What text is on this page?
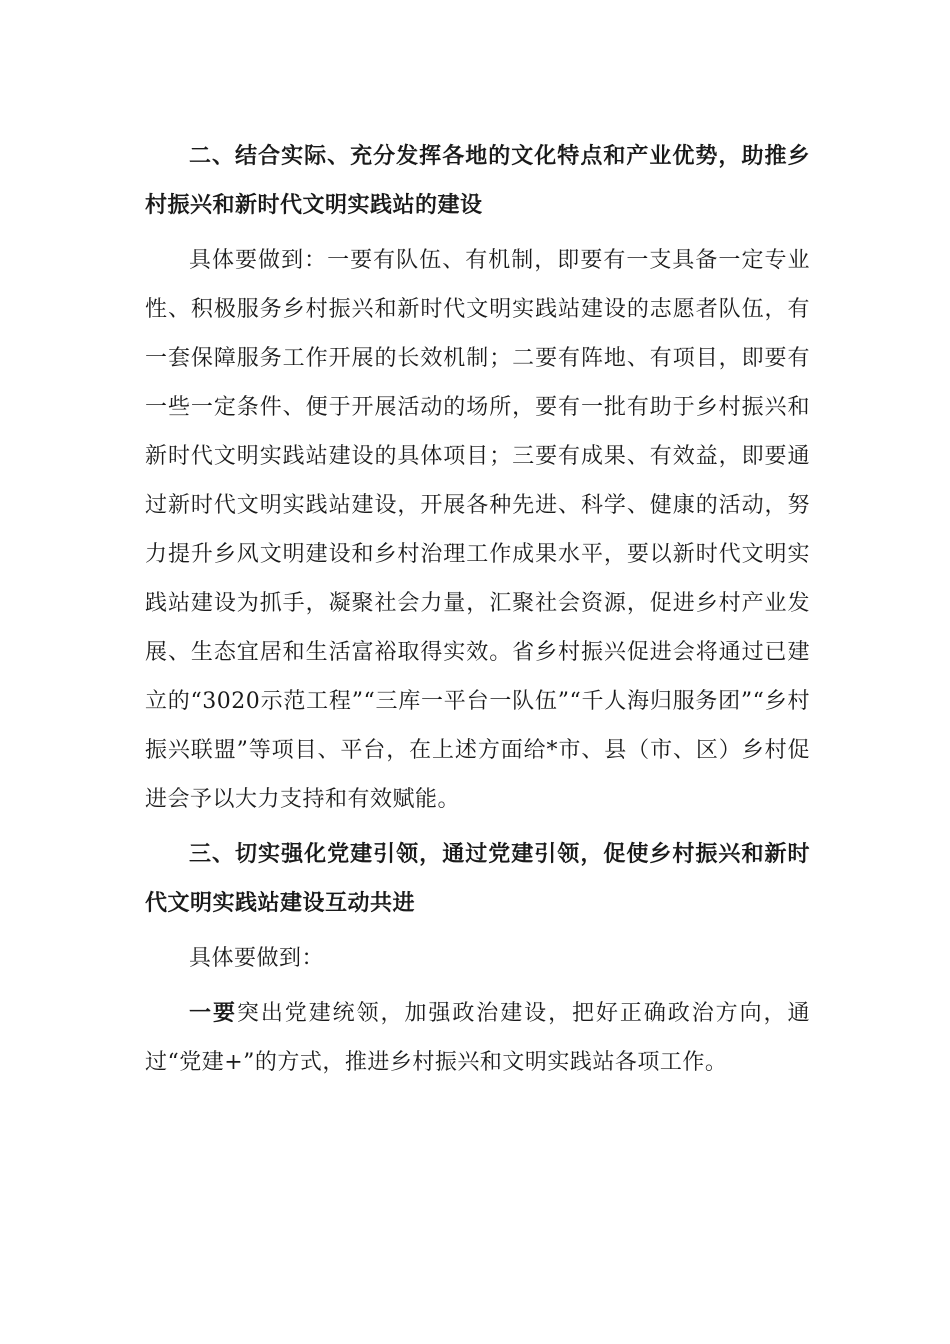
二、结合实际、充分发挥各地的文化特点和产业优势，助推乡村振兴和新时代文明实践站的建设

具体要做到：一要有队伍、有机制，即要有一支具备一定专业性、积极服务乡村振兴和新时代文明实践站建设的志愿者队伍，有一套保障服务工作开展的长效机制；二要有阵地、有项目，即要有一些一定条件、便于开展活动的场所，要有一批有助于乡村振兴和新时代文明实践站建设的具体项目；三要有成果、有效益，即要通过新时代文明实践站建设，开展各种先进、科学、健康的活动，努力提升乡风文明建设和乡村治理工作成果水平，要以新时代文明实践站建设为抓手，凝聚社会力量，汇聚社会资源，促进乡村产业发展、生态宜居和生活富裕取得实效。省乡村振兴促进会将通过已建立的“3020示范工程”“三库一平台一队伍”“千人海归服务团”“乡村振兴联盟”等项目、平台，在上述方面给*市、县（市、区）乡村促进会予以大力支持和有效赋能。

三、切实强化党建引领，通过党建引领，促使乡村振兴和新时代文明实践站建设互动共进

具体要做到：

一要突出党建统领，加强政治建设，把好正确政治方向，通过“党建+”的方式，推进乡村振兴和文明实践站各项工作。
